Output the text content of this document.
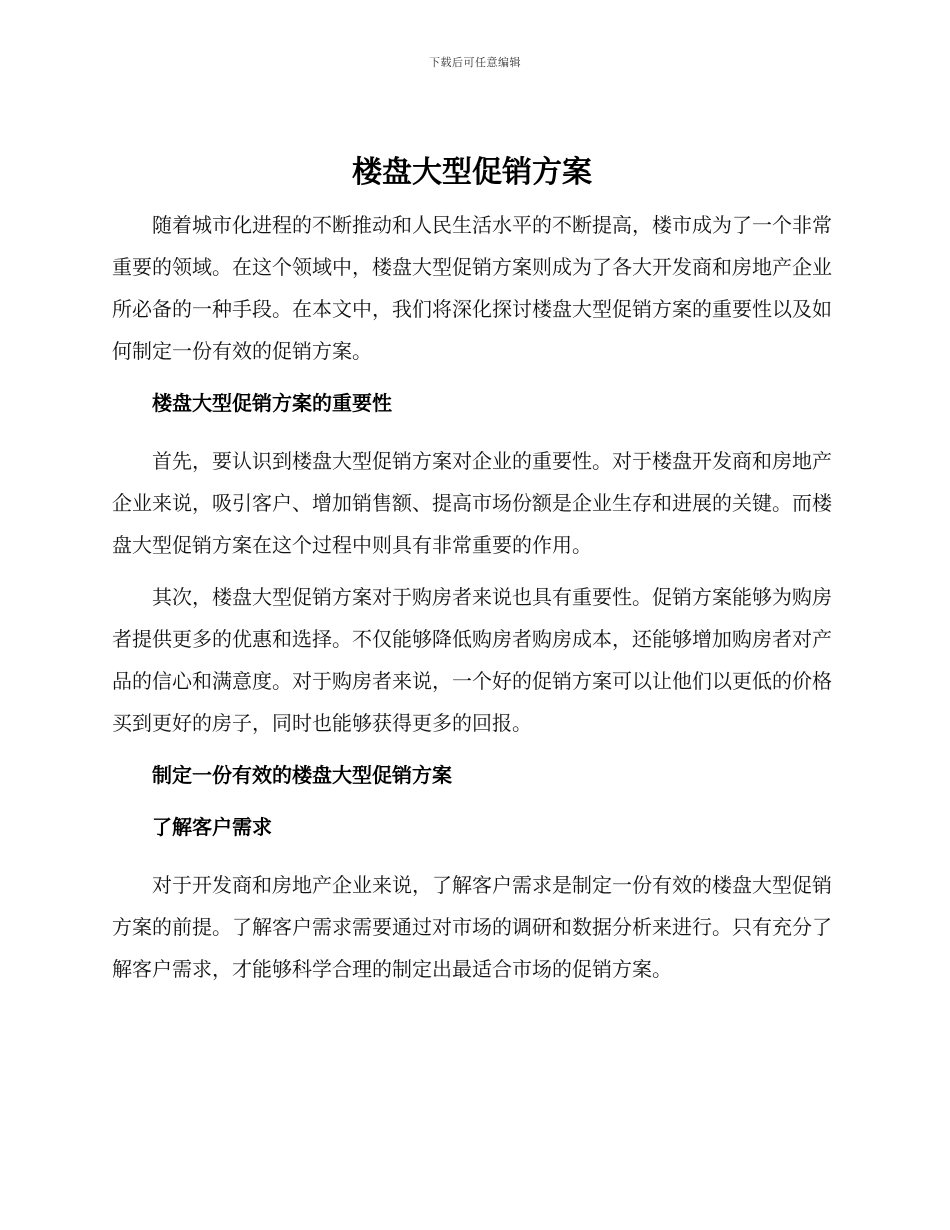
下载后可任意编辑
楼盘大型促销方案

随着城市化进程的不断推动和人民生活水平的不断提高，楼市成为了一个非常重要的领域。在这个领域中，楼盘大型促销方案则成为了各大开发商和房地产企业所必备的一种手段。在本文中，我们将深化探讨楼盘大型促销方案的重要性以及如何制定一份有效的促销方案。

楼盘大型促销方案的重要性

首先，要认识到楼盘大型促销方案对企业的重要性。对于楼盘开发商和房地产企业来说，吸引客户、增加销售额、提高市场份额是企业生存和进展的关键。而楼盘大型促销方案在这个过程中则具有非常重要的作用。

其次，楼盘大型促销方案对于购房者来说也具有重要性。促销方案能够为购房者提供更多的优惠和选择。不仅能够降低购房者购房成本，还能够增加购房者对产品的信心和满意度。对于购房者来说，一个好的促销方案可以让他们以更低的价格买到更好的房子，同时也能够获得更多的回报。

制定一份有效的楼盘大型促销方案
了解客户需求

对于开发商和房地产企业来说，了解客户需求是制定一份有效的楼盘大型促销方案的前提。了解客户需求需要通过对市场的调研和数据分析来进行。只有充分了解客户需求，才能够科学合理的制定出最适合市场的促销方案。
